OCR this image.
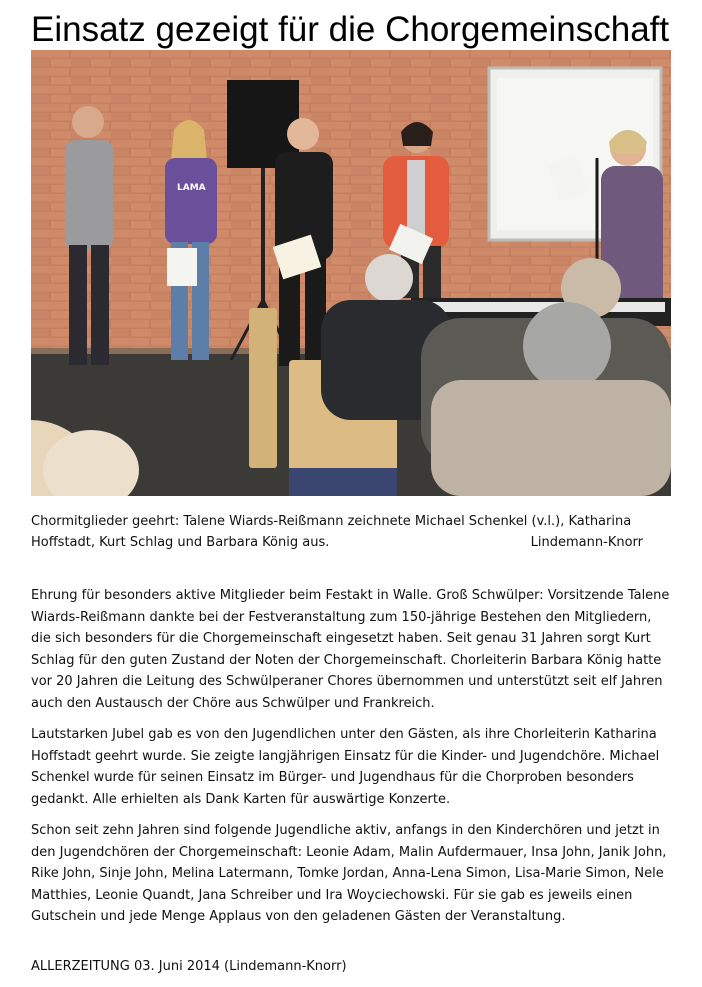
Einsatz gezeigt für die Chorgemeinschaft
LAMA
Chormitglieder geehrt: Talene Wiards-Reißmann zeichnete Michael Schenkel (v.l.), Katharina
Hoffstadt, Kurt Schlag und Barbara König aus.	Lindemann-Knorr

Ehrung für besonders aktive Mitglieder beim Festakt in Walle. Groß Schwülper: Vorsitzende Talene Wiards-Reißmann dankte bei der Festveranstaltung zum 150-jährige Bestehen den Mitgliedern, die sich besonders für die Chorgemeinschaft eingesetzt haben. Seit genau 31 Jahren sorgt Kurt Schlag für den guten Zustand der Noten der Chorgemeinschaft. Chorleiterin Barbara König hatte vor 20 Jahren die Leitung des Schwülperaner Chores übernommen und unterstützt seit elf Jahren auch den Austausch der Chöre aus Schwülper und Frankreich.

Lautstarken Jubel gab es von den Jugendlichen unter den Gästen, als ihre Chorleiterin Katharina Hoffstadt geehrt wurde. Sie zeigte langjährigen Einsatz für die Kinder- und Jugendchöre. Michael Schenkel wurde für seinen Einsatz im Bürger- und Jugendhaus für die Chorproben besonders gedankt. Alle erhielten als Dank Karten für auswärtige Konzerte.

Schon seit zehn Jahren sind folgende Jugendliche aktiv, anfangs in den Kinderchören und jetzt in den Jugendchören der Chorgemeinschaft: Leonie Adam, Malin Aufdermauer, Insa John, Janik John, Rike John, Sinje John, Melina Latermann, Tomke Jordan, Anna-Lena Simon, Lisa-Marie Simon, Nele Matthies, Leonie Quandt, Jana Schreiber und Ira Woyciechowski. Für sie gab es jeweils einen Gutschein und jede Menge Applaus von den geladenen Gästen der Veranstaltung.

ALLERZEITUNG 03. Juni 2014 (Lindemann-Knorr)
